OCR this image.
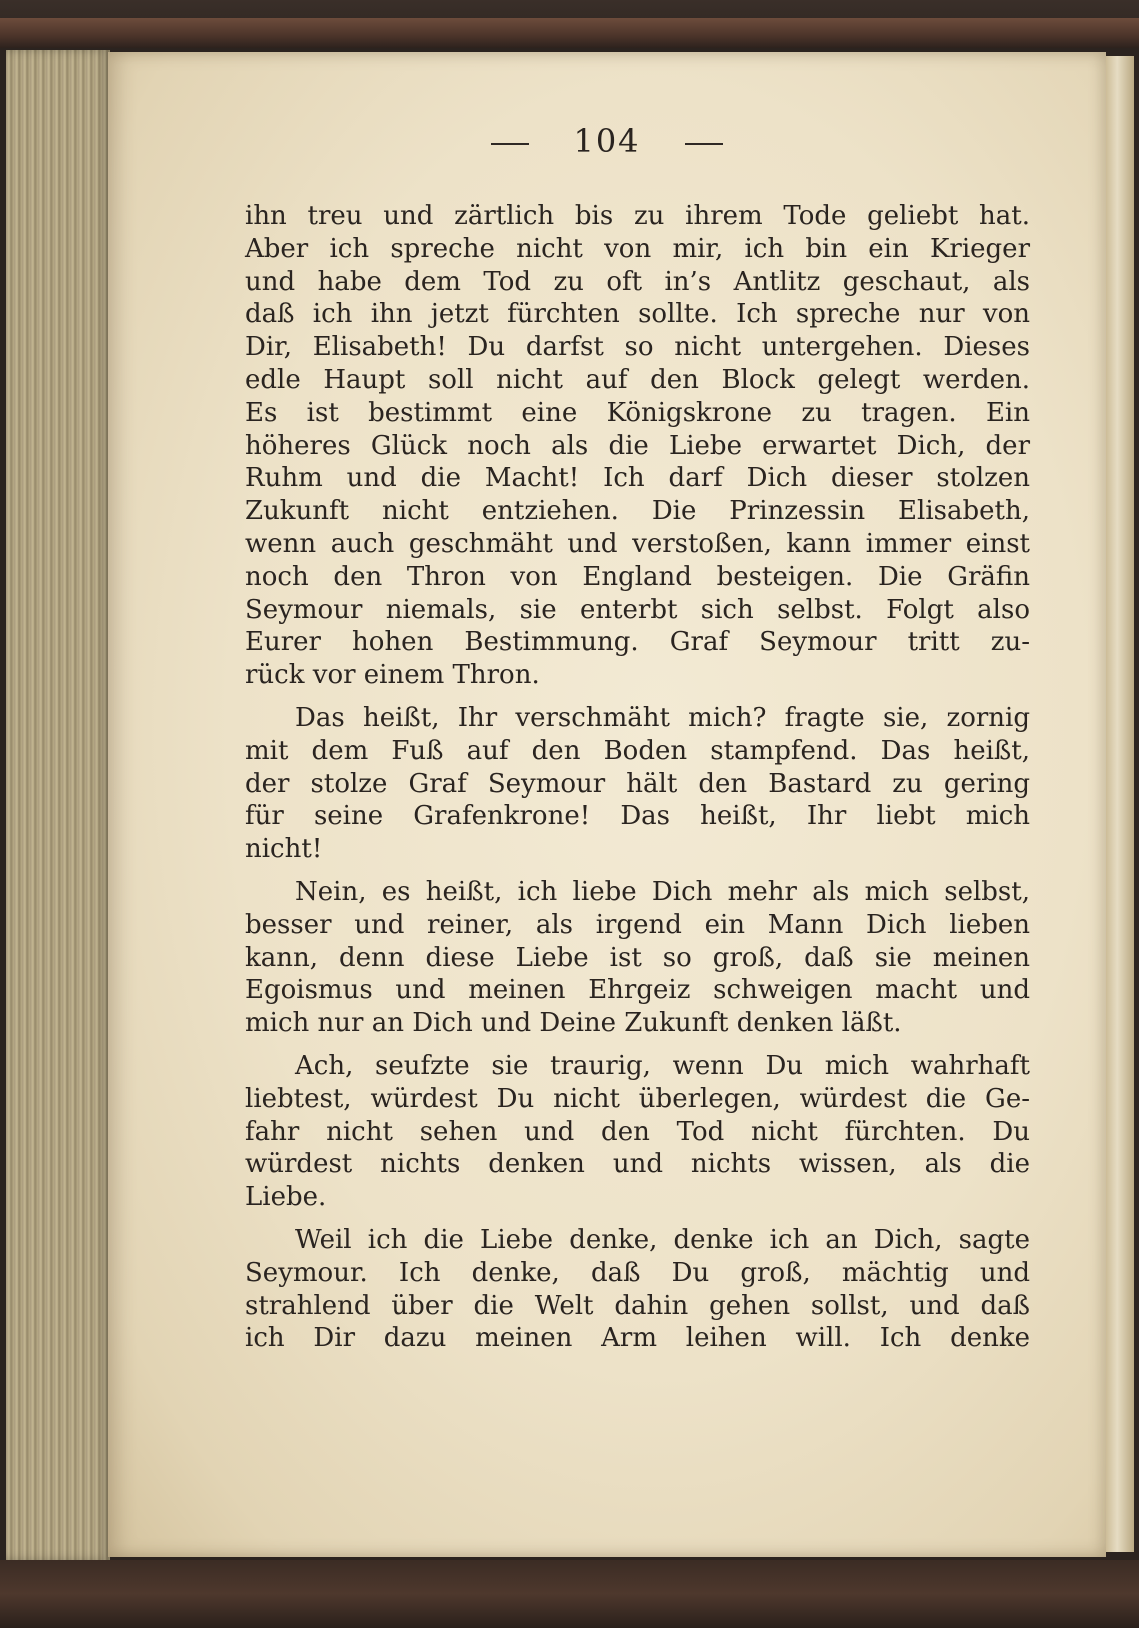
104
ihn treu und zärtlich bis zu ihrem Tode geliebt hat.
Aber ich spreche nicht von mir, ich bin ein Krieger
und habe dem Tod zu oft in’s Antlitz geschaut, als
daß ich ihn jetzt fürchten sollte. Ich spreche nur von
Dir, Elisabeth! Du darfst so nicht untergehen. Dieses
edle Haupt soll nicht auf den Block gelegt werden.
Es ist bestimmt eine Königskrone zu tragen. Ein
höheres Glück noch als die Liebe erwartet Dich, der
Ruhm und die Macht! Ich darf Dich dieser stolzen
Zukunft nicht entziehen. Die Prinzessin Elisabeth,
wenn auch geschmäht und verstoßen, kann immer einst
noch den Thron von England besteigen. Die Gräfin
Seymour niemals, sie enterbt sich selbst. Folgt also
Eurer hohen Bestimmung. Graf Seymour tritt zu-
rück vor einem Thron.
Das heißt, Ihr verschmäht mich? fragte sie, zornig
mit dem Fuß auf den Boden stampfend. Das heißt,
der stolze Graf Seymour hält den Bastard zu gering
für seine Grafenkrone! Das heißt, Ihr liebt mich
nicht!
Nein, es heißt, ich liebe Dich mehr als mich selbst,
besser und reiner, als irgend ein Mann Dich lieben
kann, denn diese Liebe ist so groß, daß sie meinen
Egoismus und meinen Ehrgeiz schweigen macht und
mich nur an Dich und Deine Zukunft denken läßt.
Ach, seufzte sie traurig, wenn Du mich wahrhaft
liebtest, würdest Du nicht überlegen, würdest die Ge-
fahr nicht sehen und den Tod nicht fürchten. Du
würdest nichts denken und nichts wissen, als die
Liebe.
Weil ich die Liebe denke, denke ich an Dich, sagte
Seymour. Ich denke, daß Du groß, mächtig und
strahlend über die Welt dahin gehen sollst, und daß
ich Dir dazu meinen Arm leihen will. Ich denke
